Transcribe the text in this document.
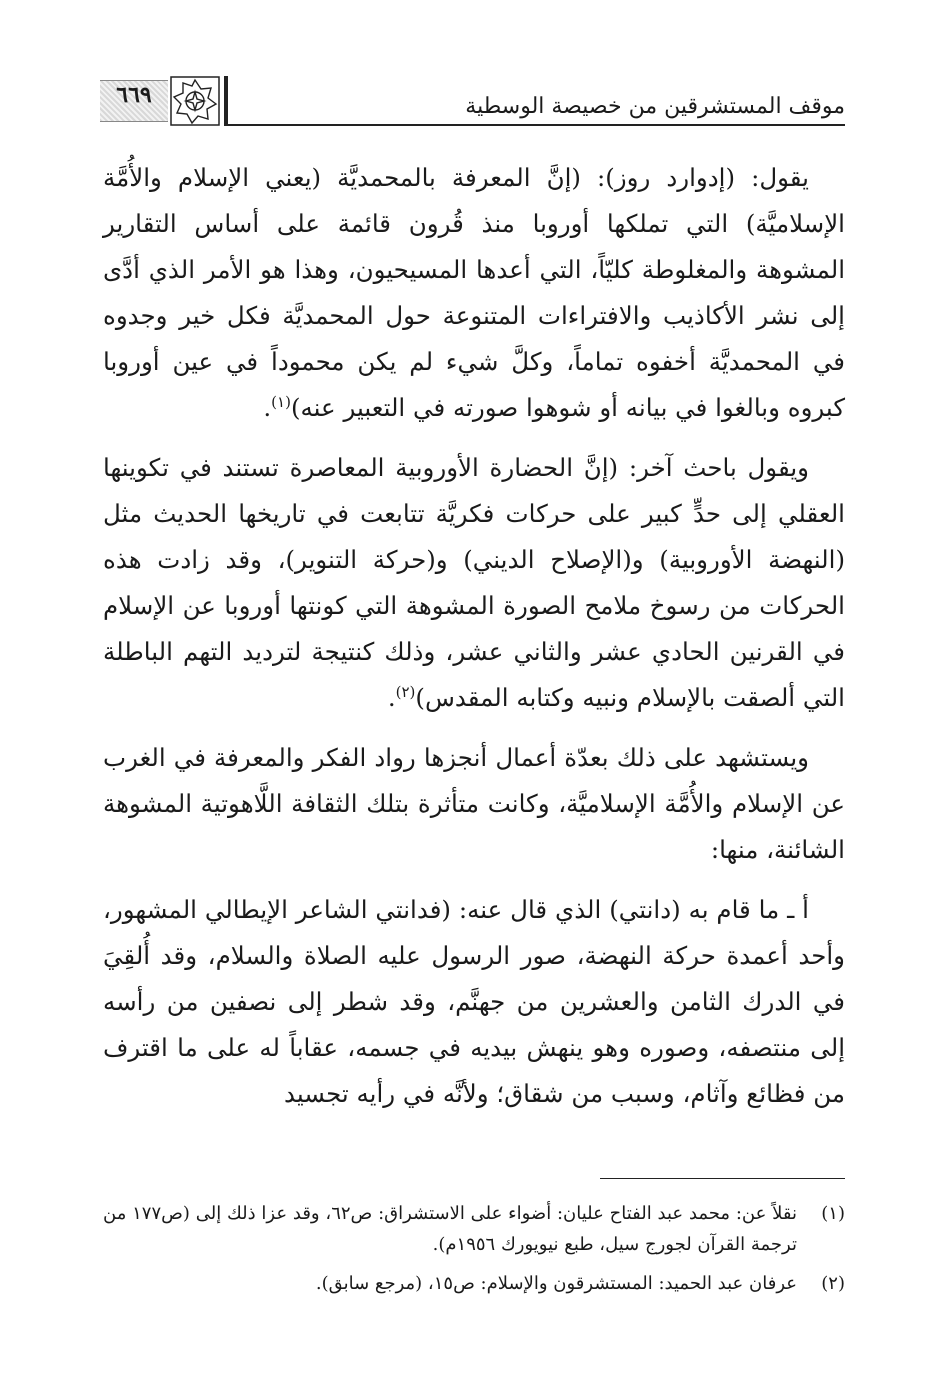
موقف المستشرقين من خصيصة الوسطية
٦٦٩

يقول: (إدوارد روز): (إنَّ المعرفة بالمحمديَّة (يعني الإسلام والأُمَّة الإسلاميَّة) التي تملكها أوروبا منذ قُرون قائمة على أساس التقارير المشوهة والمغلوطة كليّاً، التي أعدها المسيحيون، وهذا هو الأمر الذي أدَّى إلى نشر الأكاذيب والافتراءات المتنوعة حول المحمديَّة فكل خير وجدوه في المحمديَّة أخفوه تماماً، وكلَّ شيء لم يكن محموداً في عين أوروبا كبروه وبالغوا في بيانه أو شوهوا صورته في التعبير عنه)$^{(١)}$.

ويقول باحث آخر: (إنَّ الحضارة الأوروبية المعاصرة تستند في تكوينها العقلي إلى حدٍّ كبير على حركات فكريَّة تتابعت في تاريخها الحديث مثل (النهضة الأوروبية) و(الإصلاح الديني) و(حركة التنوير)، وقد زادت هذه الحركات من رسوخ ملامح الصورة المشوهة التي كونتها أوروبا عن الإسلام في القرنين الحادي عشر والثاني عشر، وذلك كنتيجة لترديد التهم الباطلة التي ألصقت بالإسلام ونبيه وكتابه المقدس)$^{(٢)}$.

ويستشهد على ذلك بعدّة أعمال أنجزها رواد الفكر والمعرفة في الغرب عن الإسلام والأُمَّة الإسلاميَّة، وكانت متأثرة بتلك الثقافة اللَّاهوتية المشوهة الشائنة، منها:

أ ـ ما قام به (دانتي) الذي قال عنه: (فدانتي الشاعر الإيطالي المشهور، وأحد أعمدة حركة النهضة، صور الرسول عليه الصلاة والسلام، وقد أُلقِيَ في الدرك الثامن والعشرين من جهنَّم، وقد شطر إلى نصفين من رأسه إلى منتصفه، وصوره وهو ينهش بيديه في جسمه، عقاباً له على ما اقترف من فظائع وآثام، وسبب من شقاق؛ ولأنَّه في رأيه تجسيد

(١)
نقلاً عن: محمد عبد الفتاح عليان: أضواء على الاستشراق: ص٦٢، وقد عزا ذلك إلى (ص١٧٧ من ترجمة القرآن لجورج سيل، طبع نيويورك ١٩٥٦م).
(٢)
عرفان عبد الحميد: المستشرقون والإسلام: ص١٥، (مرجع سابق).
